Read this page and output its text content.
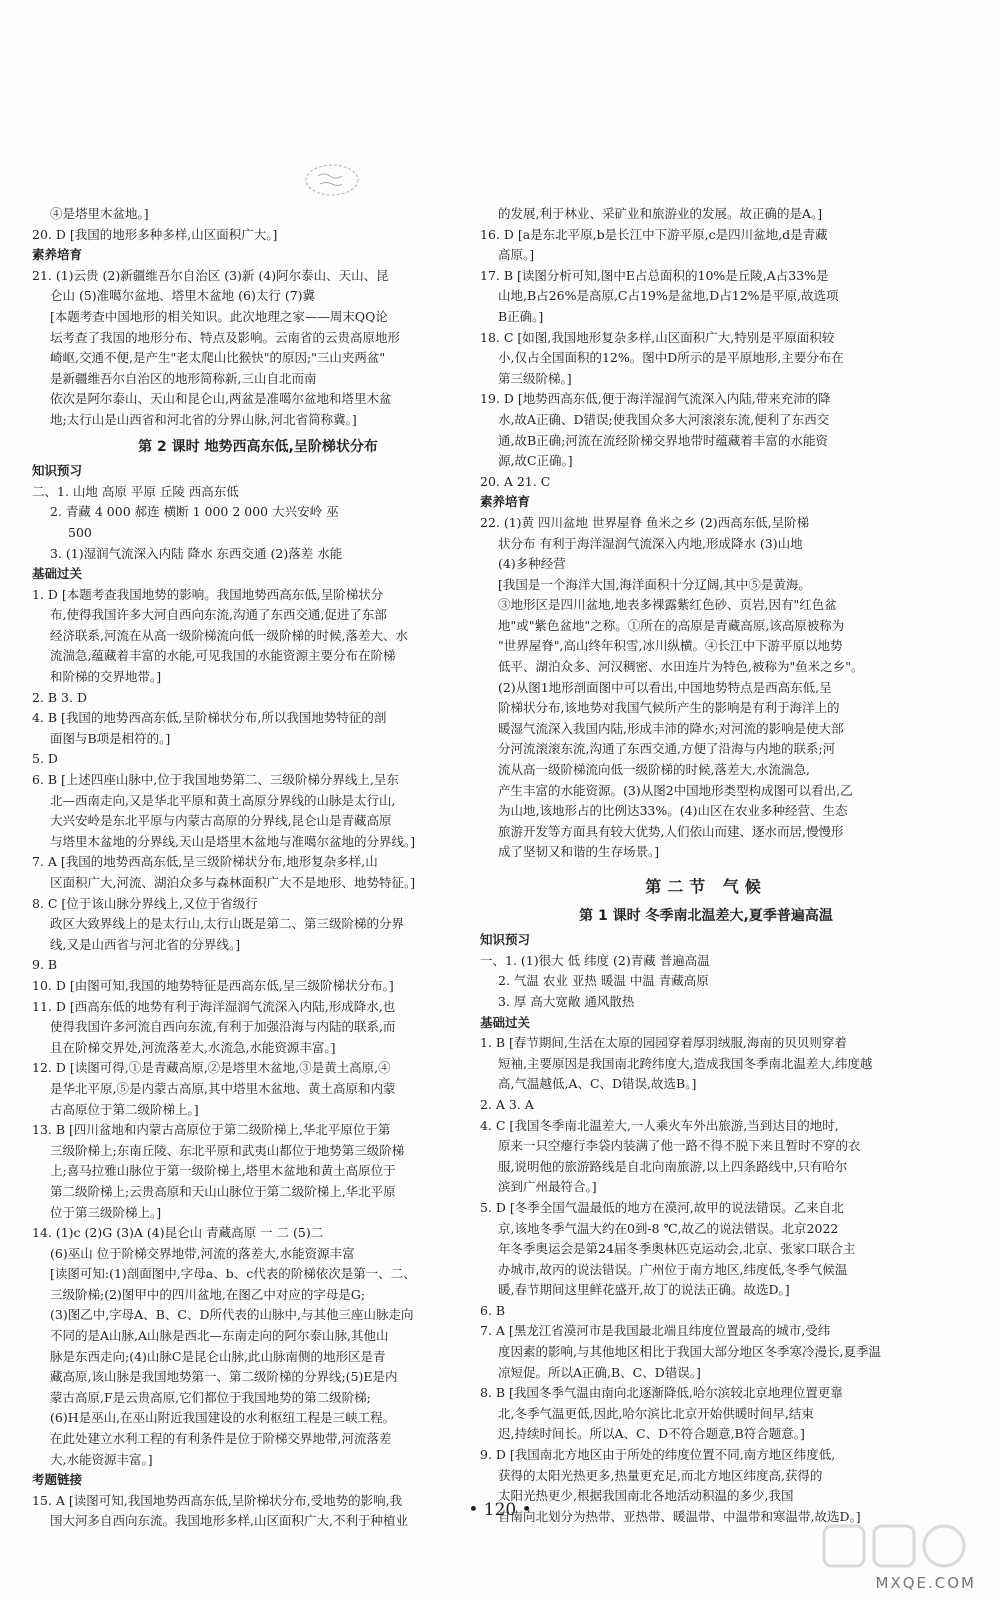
④是塔里木盆地。]
20. D [我国的地形多种多样,山区面积广大。]
素养培育
21. (1)云贵 (2)新疆维吾尔自治区 (3)新 (4)阿尔泰山、天山、昆
仑山 (5)准噶尔盆地、塔里木盆地 (6)太行 (7)冀
[本题考查中国地形的相关知识。此次地理之家——周末QQ论
坛考查了我国的地形分布、特点及影响。云南省的云贵高原地形
崎岖,交通不便,是产生"老太爬山比猴快"的原因;"三山夹两盆"
是新疆维吾尔自治区的地形简称新,三山自北而南
依次是阿尔泰山、天山和昆仑山,两盆是准噶尔盆地和塔里木盆
地;太行山是山西省和河北省的分界山脉,河北省简称冀。]
第 2 课时 地势西高东低,呈阶梯状分布
知识预习
二、1. 山地 高原 平原 丘陵 西高东低
2. 青藏 4 000 郝连 横断 1 000 2 000 大兴安岭 巫
500
3. (1)湿润气流深入内陆 降水 东西交通 (2)落差 水能
基础过关
1. D [本题考查我国地势的影响。我国地势西高东低,呈阶梯状分
布,使得我国许多大河自西向东流,沟通了东西交通,促进了东部
经济联系,河流在从高一级阶梯流向低一级阶梯的时候,落差大、水
流湍急,蕴藏着丰富的水能,可见我国的水能资源主要分布在阶梯
和阶梯的交界地带。]
2. B 3. D
4. B [我国的地势西高东低,呈阶梯状分布,所以我国地势特征的剖
面图与B项是相符的。]
5. D
6. B [上述四座山脉中,位于我国地势第二、三级阶梯分界线上,呈东
北—西南走向,又是华北平原和黄土高原分界线的山脉是太行山,
大兴安岭是东北平原与内蒙古高原的分界线,昆仑山是青藏高原
与塔里木盆地的分界线,天山是塔里木盆地与准噶尔盆地的分界线。]
7. A [我国的地势西高东低,呈三级阶梯状分布,地形复杂多样,山
区面积广大,河流、湖泊众多与森林面积广大不是地形、地势特征。]
8. C [位于该山脉分界线上,又位于省级行
政区大致界线上的是太行山,太行山既是第二、第三级阶梯的分界
线,又是山西省与河北省的分界线。]
9. B
10. D [由图可知,我国的地势特征是西高东低,呈三级阶梯状分布。]
11. D [西高东低的地势有利于海洋湿润气流深入内陆,形成降水,也
使得我国许多河流自西向东流,有利于加强沿海与内陆的联系,而
且在阶梯交界处,河流落差大,水流急,水能资源丰富。]
12. D [读图可得,①是青藏高原,②是塔里木盆地,③是黄土高原,④
是华北平原,⑤是内蒙古高原,其中塔里木盆地、黄土高原和内蒙
古高原位于第二级阶梯上。]
13. B [四川盆地和内蒙古高原位于第二级阶梯上,华北平原位于第
三级阶梯上;东南丘陵、东北平原和武夷山都位于地势第三级阶梯
上;喜马拉雅山脉位于第一级阶梯上,塔里木盆地和黄土高原位于
第二级阶梯上;云贵高原和天山山脉位于第二级阶梯上,华北平原
位于第三级阶梯上。]
14. (1)c (2)G (3)A (4)昆仑山 青藏高原 一 二 (5)二
(6)巫山 位于阶梯交界地带,河流的落差大,水能资源丰富
[读图可知:(1)剖面图中,字母a、b、c代表的阶梯依次是第一、二、
三级阶梯;(2)图甲中的四川盆地,在图乙中对应的字母是G;
(3)图乙中,字母A、B、C、D所代表的山脉中,与其他三座山脉走向
不同的是A山脉,A山脉是西北—东南走向的阿尔泰山脉,其他山
脉是东西走向;(4)山脉C是昆仑山脉,此山脉南侧的地形区是青
藏高原,该山脉是我国地势第一、第二级阶梯的分界线;(5)E是内
蒙古高原,F是云贵高原,它们都位于我国地势的第二级阶梯;
(6)H是巫山,在巫山附近我国建设的水利枢纽工程是三峡工程。
在此处建立水利工程的有利条件是位于阶梯交界地带,河流落差
大,水能资源丰富。]
考题链接
15. A [读图可知,我国地势西高东低,呈阶梯状分布,受地势的影响,我
国大河多自西向东流。我国地形多样,山区面积广大,不利于种植业
的发展,利于林业、采矿业和旅游业的发展。故正确的是A。]
16. D [a是东北平原,b是长江中下游平原,c是四川盆地,d是青藏
高原。]
17. B [读图分析可知,图中E占总面积的10%是丘陵,A占33%是
山地,B占26%是高原,C占19%是盆地,D占12%是平原,故选项
B正确。]
18. C [如图,我国地形复杂多样,山区面积广大,特别是平原面积较
小,仅占全国面积的12%。图中D所示的是平原地形,主要分布在
第三级阶梯。]
19. D [地势西高东低,便于海洋湿润气流深入内陆,带来充沛的降
水,故A正确、D错误;使我国众多大河滚滚东流,便利了东西交
通,故B正确;河流在流经阶梯交界地带时蕴藏着丰富的水能资
源,故C正确。]
20. A 21. C
素养培育
22. (1)黄 四川盆地 世界屋脊 鱼米之乡 (2)西高东低,呈阶梯
状分布 有利于海洋湿润气流深入内地,形成降水 (3)山地
(4)多种经营
[我国是一个海洋大国,海洋面积十分辽阔,其中⑤是黄海。
③地形区是四川盆地,地表多裸露紫红色砂、页岩,因有"红色盆
地"或"紫色盆地"之称。①所在的高原是青藏高原,该高原被称为
"世界屋脊",高山终年积雪,冰川纵横。④长江中下游平原以地势
低平、湖泊众多、河汉稠密、水田连片为特色,被称为"鱼米之乡"。
(2)从图1地形剖面图中可以看出,中国地势特点是西高东低,呈
阶梯状分布,该地势对我国气候所产生的影响是有利于海洋上的
暖湿气流深入我国内陆,形成丰沛的降水;对河流的影响是使大部
分河流滚滚东流,沟通了东西交通,方便了沿海与内地的联系;河
流从高一级阶梯流向低一级阶梯的时候,落差大,水流湍急,
产生丰富的水能资源。(3)从图2中国地形类型构成图可以看出,乙
为山地,该地形占的比例达33%。(4)山区在农业多种经营、生态
旅游开发等方面具有较大优势,人们依山而建、逐水而居,慢慢形
成了坚韧又和谐的生存场景。]
第二节 气候
第 1 课时 冬季南北温差大,夏季普遍高温
知识预习
一、1. (1)很大 低 纬度 (2)青藏 普遍高温
2. 气温 农业 亚热 暖温 中温 青藏高原
3. 厚 高大宽敞 通风散热
基础过关
1. B [春节期间,生活在太原的园园穿着厚羽绒服,海南的贝贝则穿着
短袖,主要原因是我国南北跨纬度大,造成我国冬季南北温差大,纬度越
高,气温越低,A、C、D错误,故选B。]
2. A 3. A
4. C [我国冬季南北温差大,一人乘火车外出旅游,当到达目的地时,
原来一只空瘪行李袋内装满了他一路不得不脱下来且暂时不穿的衣
服,说明他的旅游路线是自北向南旅游,以上四条路线中,只有哈尔
滨到广州最符合。]
5. D [冬季全国气温最低的地方在漠河,故甲的说法错误。乙来自北
京,该地冬季气温大约在0到-8 ℃,故乙的说法错误。北京2022
年冬季奥运会是第24届冬季奥林匹克运动会,北京、张家口联合主
办城市,故丙的说法错误。广州位于南方地区,纬度低,冬季气候温
暖,春节期间这里鲜花盛开,故丁的说法正确。故选D。]
6. B
7. A [黑龙江省漠河市是我国最北端且纬度位置最高的城市,受纬
度因素的影响,与其他地区相比于我国大部分地区冬季寒冷漫长,夏季温
凉短促。所以A正确,B、C、D错误。]
8. B [我国冬季气温由南向北逐渐降低,哈尔滨较北京地理位置更靠
北,冬季气温更低,因此,哈尔滨比北京开始供暖时间早,结束
迟,持续时间长。所以A、C、D不符合题意,B符合题意。]
9. D [我国南北方地区由于所处的纬度位置不同,南方地区纬度低,
获得的太阳光热更多,热量更充足,而北方地区纬度高,获得的
太阳光热更少,根据我国南北各地活动积温的多少,我国
自南向北划分为热带、亚热带、暖温带、中温带和寒温带,故选D。]
• 120 •
MXQE.COM
